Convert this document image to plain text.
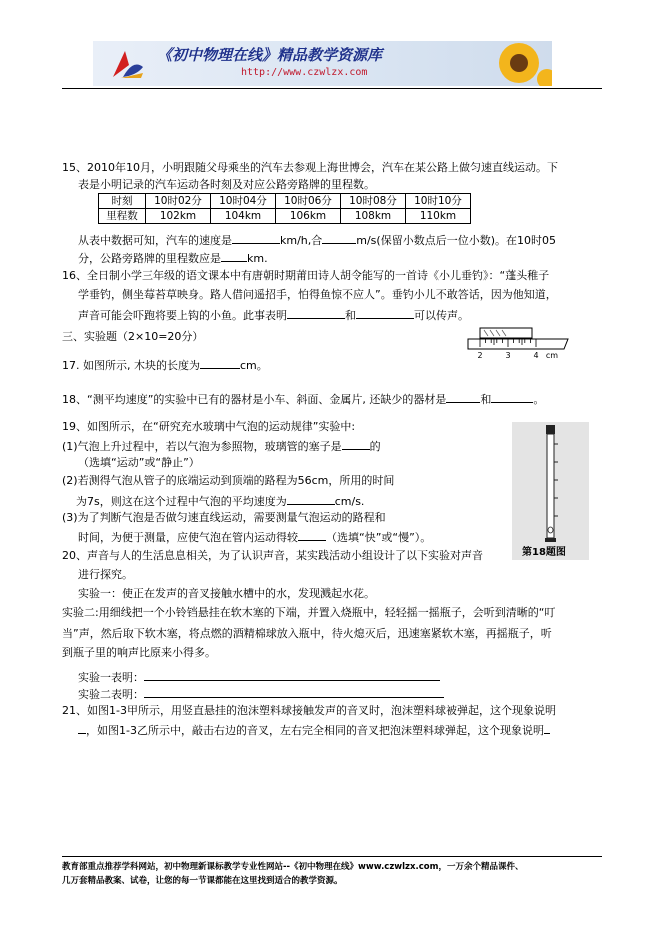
《初中物理在线》精品教学资源库
http://www.czwlzx.com
15、2010年10月，小明跟随父母乘坐的汽车去参观上海世博会，汽车在某公路上做匀速直线运动。下
表是小明记录的汽车运动各时刻及对应公路旁路牌的里程数。
时刻	10时02分	10时04分	10时06分	10时08分	10时10分
里程数	102km	104km	106km	108km	110km
从表中数据可知，汽车的速度是	km/h,合	m/s(保留小数点后一位小数)。在10时05
分，公路旁路牌的里程数应是 km.
16、全日制小学三年级的语文课本中有唐朝时期莆田诗人胡令能写的一首诗《小儿垂钓》：“蓬头稚子
学垂钓，侧坐莓苔草映身。路人借问遥招手，怕得鱼惊不应人”。垂钓小儿不敢答话，因为他知道，
声音可能会吓跑将要上钩的小鱼。此事表明	和	可以传声。
三、实验题（2×10=20分）
2	3	4 cm
17. 如图所示, 木块的长度为	cm。
18、“测平均速度”的实验中已有的器材是小车、斜面、金属片, 还缺少的器材是	和	。
19、如图所示，在“研究充水玻璃中气泡的运动规律”实验中:
(1)气泡上升过程中，若以气泡为参照物，玻璃管的塞子是	的
（选填“运动”或“静止”）
(2)若测得气泡从管子的底端运动到顶端的路程为56cm，所用的时间
为7s，则这在这个过程中气泡的平均速度为	cm/s.
(3)为了判断气泡是否做匀速直线运动，需要测量气泡运动的路程和
时间，为便于测量，应使气泡在管内运动得较	（选填“快”或“慢”）。
第18题图
20、声音与人的生活息息相关，为了认识声音，某实践活动小组设计了以下实验对声音
进行探究。
实验一：使正在发声的音叉接触水槽中的水，发现溅起水花。
实验二:用细线把一个小铃铛悬挂在软木塞的下端，并置入烧瓶中，轻轻摇一摇瓶子，会听到清晰的“叮
当”声，然后取下软木塞，将点燃的酒精棉球放入瓶中，待火熄灭后，迅速塞紧软木塞，再摇瓶子，听
到瓶子里的响声比原来小得多。
实验一表明：
实验二表明：
21、如图1-3甲所示，用竖直悬挂的泡沫塑料球接触发声的音叉时，泡沫塑料球被弹起，这个现象说明
，如图1-3乙所示中，敲击右边的音叉，左右完全相同的音叉把泡沫塑料球弹起，这个现象说明
教育部重点推荐学科网站，初中物理新课标教学专业性网站--《初中物理在线》www.czwlzx.com，一万余个精品课件、
几万套精品教案、试卷，让您的每一节课都能在这里找到适合的教学资源。
